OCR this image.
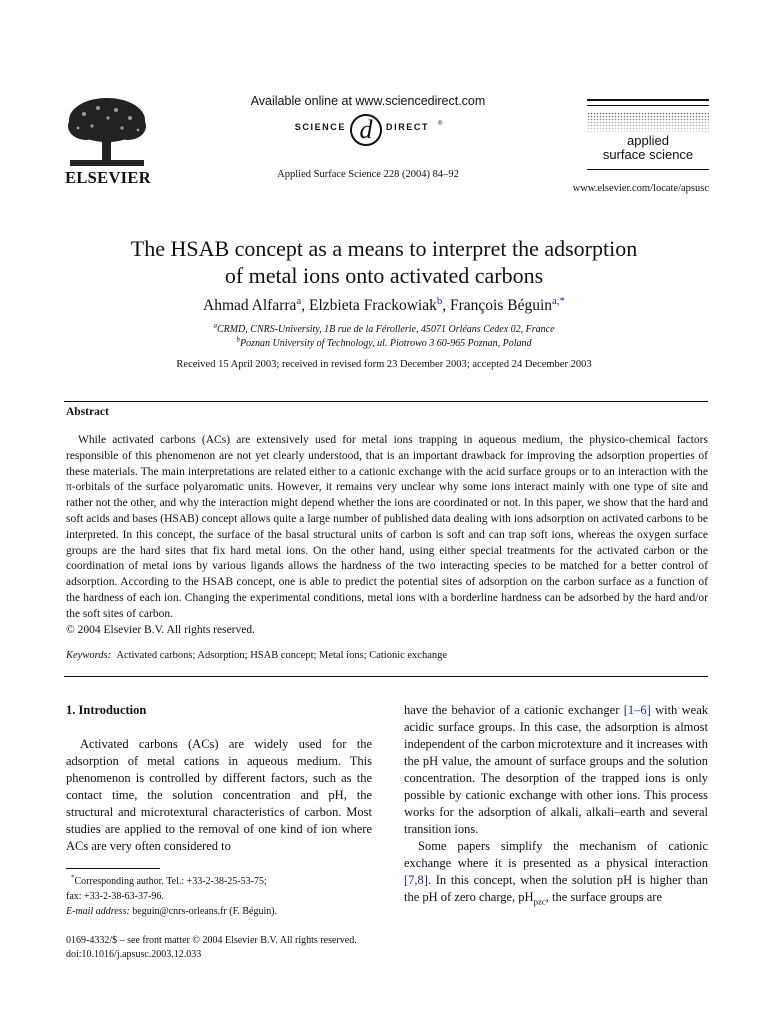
ELSEVIER
Available online at www.sciencedirect.com
SCIENCE d DIRECT ®
Applied Surface Science 228 (2004) 84–92
applied
surface science
www.elsevier.com/locate/apsusc
The HSAB concept as a means to interpret the adsorption
of metal ions onto activated carbons
Ahmad Alfarra$^a$, Elzbieta Frackowiak$^b$, François Béguin$^{a,*}$
$^a$CRMD, CNRS-University, 1B rue de la Férollerie, 45071 Orléans Cedex 02, France
$^b$Poznan University of Technology, ul. Piotrowo 3 60-965 Poznan, Poland
Received 15 April 2003; received in revised form 23 December 2003; accepted 24 December 2003
Abstract

While activated carbons (ACs) are extensively used for metal ions trapping in aqueous medium, the physico-chemical factors responsible of this phenomenon are not yet clearly understood, that is an important drawback for improving the adsorption properties of these materials. The main interpretations are related either to a cationic exchange with the acid surface groups or to an interaction with the π-orbitals of the surface polyaromatic units. However, it remains very unclear why some ions interact mainly with one type of site and rather not the other, and why the interaction might depend whether the ions are coordinated or not. In this paper, we show that the hard and soft acids and bases (HSAB) concept allows quite a large number of published data dealing with ions adsorption on activated carbons to be interpreted. In this concept, the surface of the basal structural units of carbon is soft and can trap soft ions, whereas the oxygen surface groups are the hard sites that fix hard metal ions. On the other hand, using either special treatments for the activated carbon or the coordination of metal ions by various ligands allows the hardness of the two interacting species to be matched for a better control of adsorption. According to the HSAB concept, one is able to predict the potential sites of adsorption on the carbon surface as a function of the hardness of each ion. Changing the experimental conditions, metal ions with a borderline hardness can be adsorbed by the hard and/or the soft sites of carbon.
© 2004 Elsevier B.V. All rights reserved.

Keywords: Activated carbons; Adsorption; HSAB concept; Metal ions; Cationic exchange
1. Introduction

Activated carbons (ACs) are widely used for the adsorption of metal cations in aqueous medium. This phenomenon is controlled by different factors, such as the contact time, the solution concentration and pH, the structural and microtextural characteristics of carbon. Most studies are applied to the removal of one kind of ion where ACs are very often considered to

have the behavior of a cationic exchanger [1–6] with weak acidic surface groups. In this case, the adsorption is almost independent of the carbon microtexture and it increases with the pH value, the amount of surface groups and the solution concentration. The desorption of the trapped ions is only possible by cationic exchange with other ions. This process works for the adsorption of alkali, alkali–earth and several transition ions.

Some papers simplify the mechanism of cationic exchange where it is presented as a physical interaction [7,8]. In this concept, when the solution pH is higher than the pH of zero charge, $pH_{pzc}$, the surface groups are

*Corresponding author. Tel.: +33-2-38-25-53-75;
fax: +33-2-38-63-37-96.
E-mail address: beguin@cnrs-orleans.fr (F. Béguin).
0169-4332/$ – see front matter © 2004 Elsevier B.V. All rights reserved.
doi:10.1016/j.apsusc.2003.12.033
